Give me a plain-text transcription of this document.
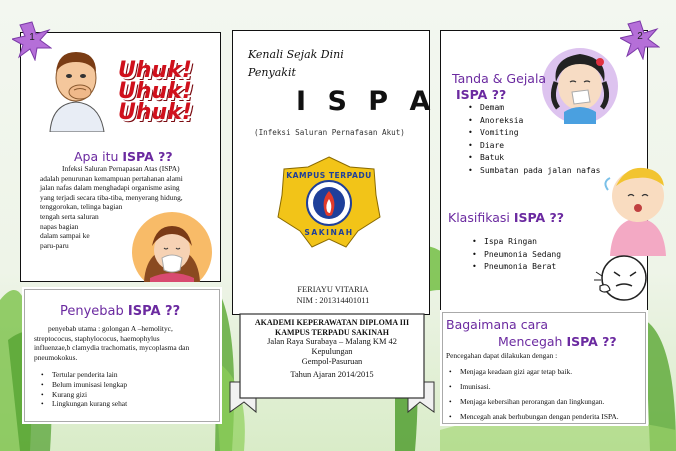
1
Uhuk!
Uhuk!
Uhuk!
Apa itu ISPA ??
Infeksi Saluran Pernapasan Atas (ISPA)
adalah penurunan kemampuan pertahanan alami
jalan nafas dalam menghadapi organisme asing
yang terjadi secara tiba-tiba, menyerang hidung,
tenggorokan, telinga bagian
tengah serta saluran
napas bagian
dalam sampai ke
paru-paru
Penyebab ISPA ??
penyebab utama : golongan A –hemolityc,
streptococus, staphylococus, haemophylus
influenzae,b clamydia trachomatis, mycoplasma dan
pneumokokus.
• Tertular penderita lain
• Belum imunisasi lengkap
• Kurang gizi
• Lingkungan kurang sehat
Kenali Sejak Dini
Penyakit
I S P A
(Infeksi Saluran Pernafasan Akut)
KAMPUS TERPADU
SAKINAH
FERIAYU VITARIA
NIM : 201314401011
AKADEMI KEPERAWATAN DIPLOMA III
KAMPUS TERPADU SAKINAH
Jalan Raya Surabaya – Malang KM 42
Kepulungan
Gempol-Pasuruan
Tahun Ajaran 2014/2015
2
Tanda & Gejala
ISPA ??
• Demam
• Anoreksia
• Vomiting
• Diare
• Batuk
• Sumbatan pada jalan nafas
Klasifikasi ISPA ??
• Ispa Ringan
• Pneumonia Sedang
• Pneumonia Berat
Bagaimana cara
Mencegah ISPA ??
Pencegahan dapat dilakukan dengan :
• Menjaga keadaan gizi agar tetap baik.
• Imunisasi.
• Menjaga kebersihan perorangan dan lingkungan.
• Mencegah anak berhubungan dengan penderita ISPA.
